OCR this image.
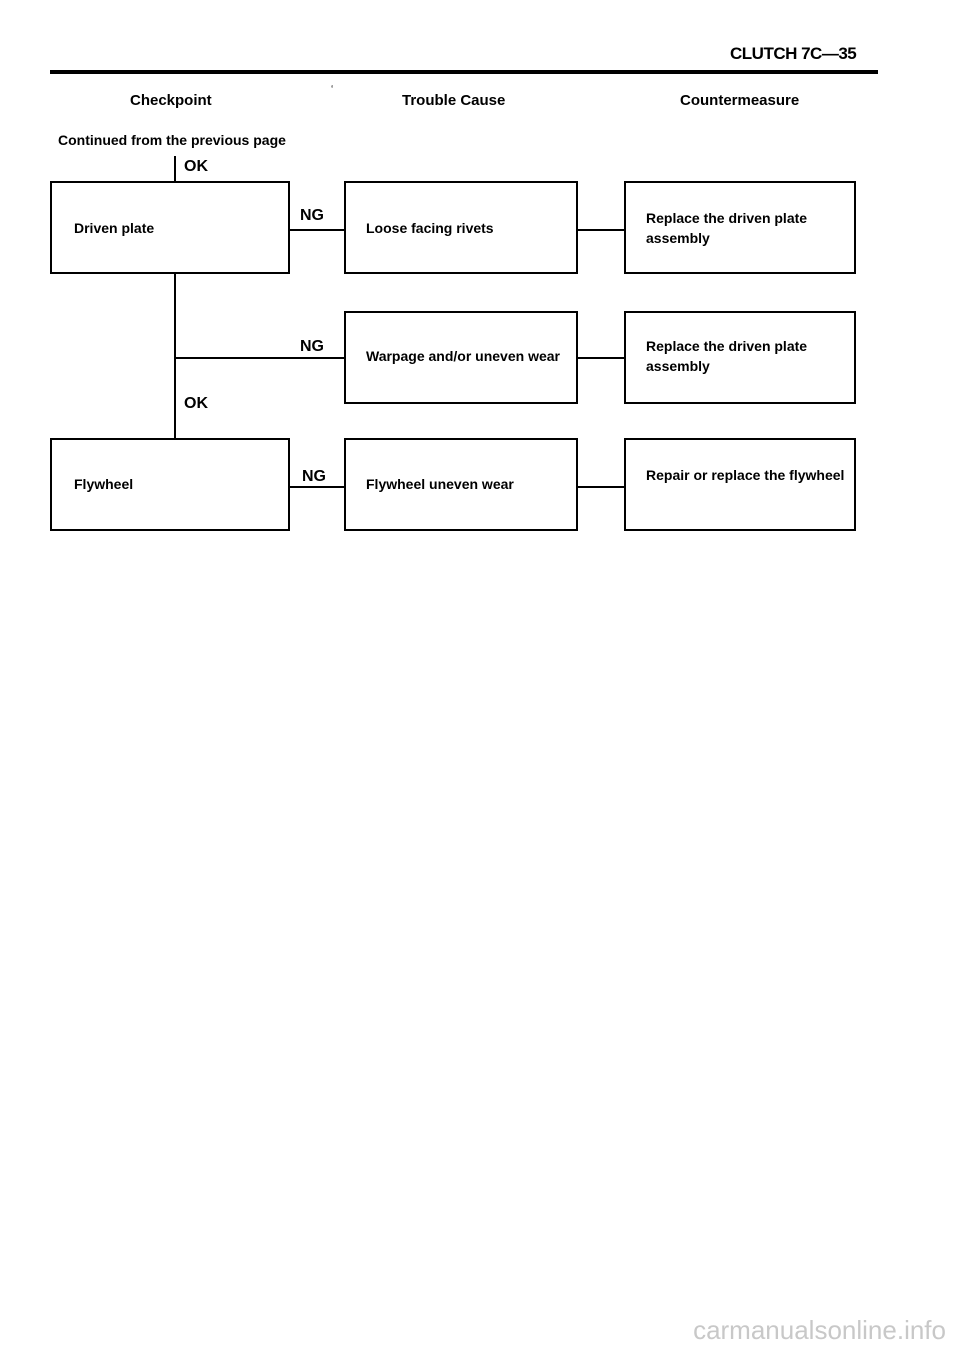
CLUTCH 7C—35
Checkpoint
‘
Trouble Cause	Countermeasure
Continued from the previous page
OK
Driven plate
NG
Loose facing rivets
Replace the driven plate assembly
NG
Warpage and/or uneven wear
Replace the driven plate assembly
OK
Flywheel	NG	Flywheel uneven wear
Repair or replace the flywheel
carmanualsonline.info
